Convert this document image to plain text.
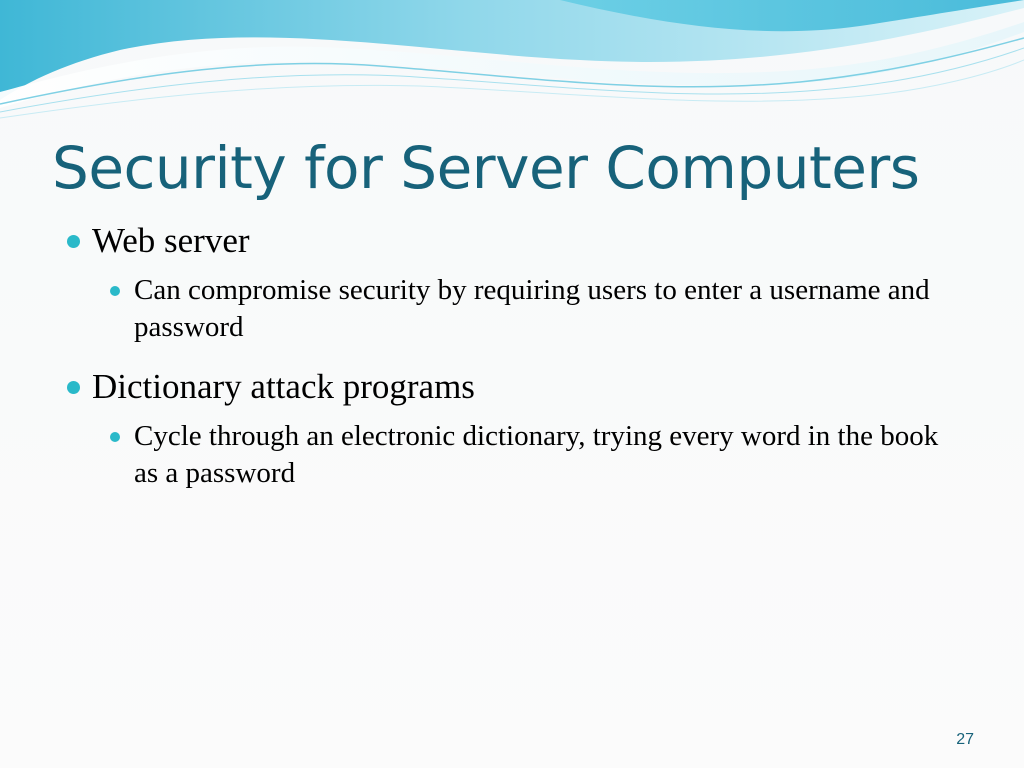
Security for Server Computers
Web server
Can compromise security by requiring users to enter a username and password
Dictionary attack programs
Cycle through an electronic dictionary, trying every word in the book as a password
27
